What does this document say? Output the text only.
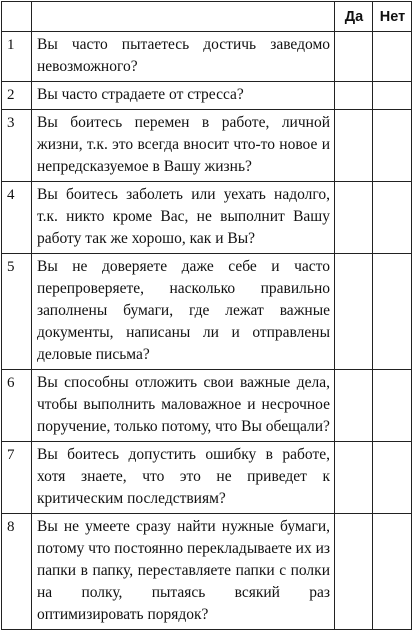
		Да	Нет
1	Вы часто пытаетесь достичь заведомо невозможного?		
2	Вы часто страдаете от стресса?		
3	Вы боитесь перемен в работе, личной жизни, т.к. это всегда вносит что-то новое и непредсказуемое в Вашу жизнь?		
4	Вы боитесь заболеть или уехать надолго, т.к. никто кроме Вас, не выполнит Вашу работу так же хорошо, как и Вы?		
5	Вы не доверяете даже себе и часто перепроверяете, насколько правильно заполнены бумаги, где лежат важные документы, написаны ли и отправлены деловые письма?		
6	Вы способны отложить свои важные дела, чтобы выполнить маловажное и несрочное поручение, только потому, что Вы обещали?		
7	Вы боитесь допустить ошибку в работе, хотя знаете, что это не приведет к критическим последствиям?		
8	Вы не умеете сразу найти нужные бумаги, потому что постоянно перекладываете их из папки в папку, переставляете папки с полки на полку, пытаясь всякий раз оптимизировать порядок?		
